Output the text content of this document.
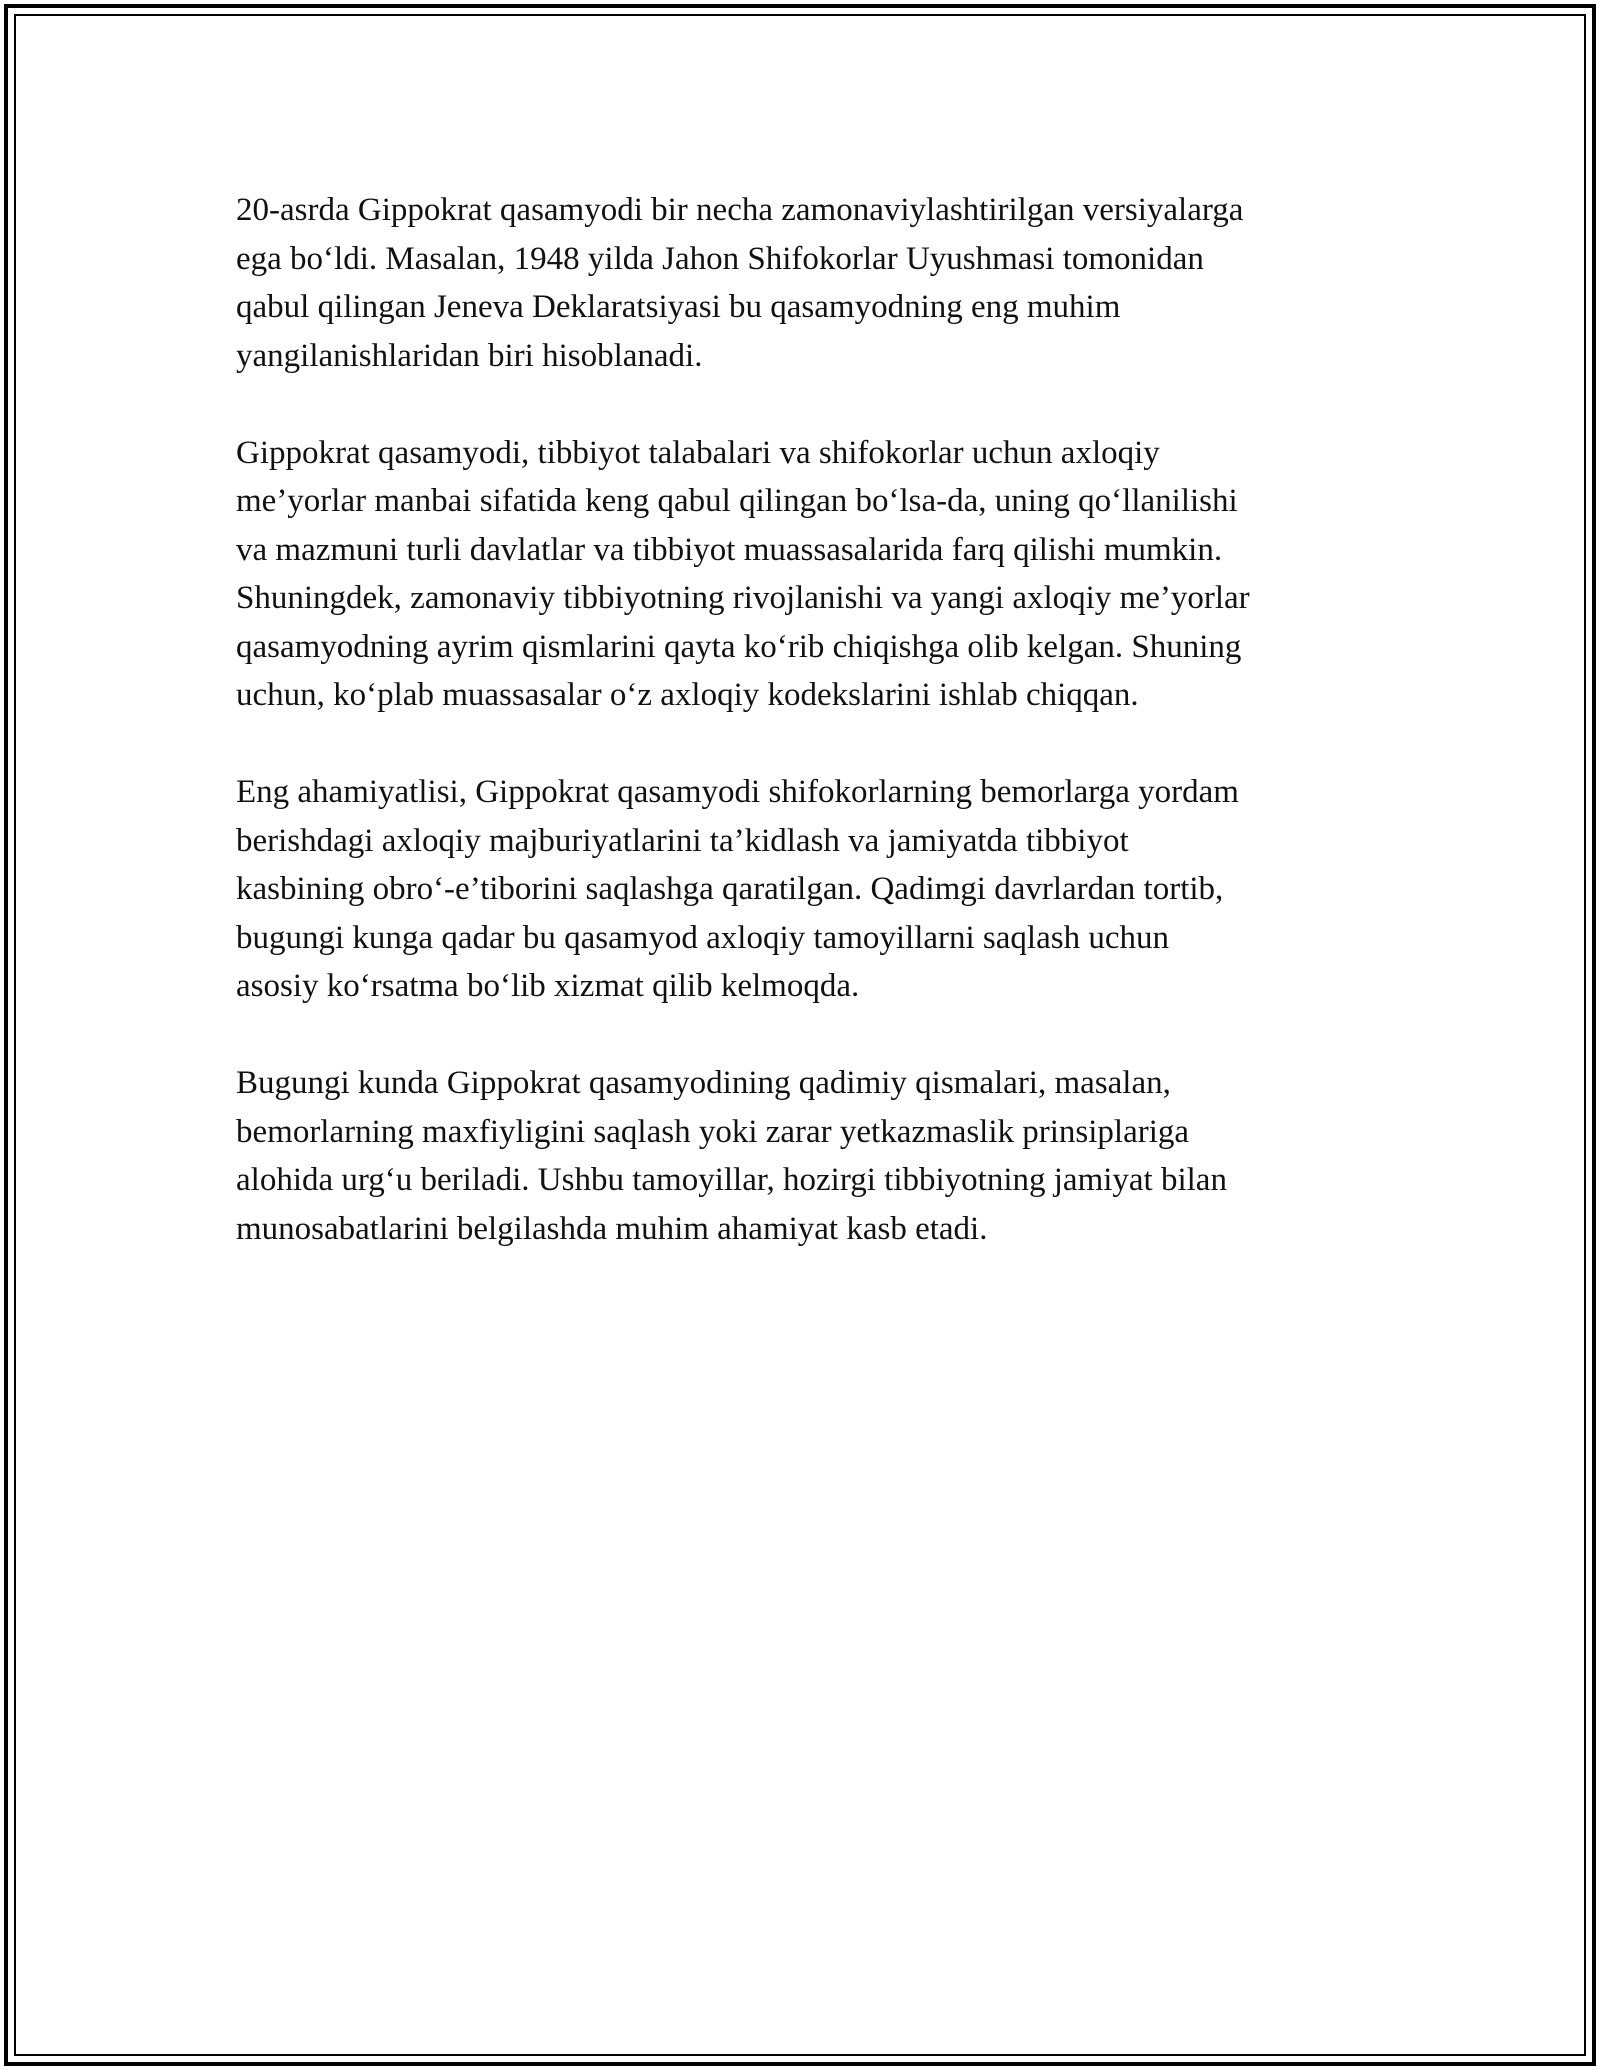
20-asrda Gippokrat qasamyodi bir necha zamonaviylashtirilgan versiyalarga
ega bo‘ldi. Masalan, 1948 yilda Jahon Shifokorlar Uyushmasi tomonidan
qabul qilingan Jeneva Deklaratsiyasi bu qasamyodning eng muhim
yangilanishlaridan biri hisoblanadi.

Gippokrat qasamyodi, tibbiyot talabalari va shifokorlar uchun axloqiy
me’yorlar manbai sifatida keng qabul qilingan bo‘lsa-da, uning qo‘llanilishi
va mazmuni turli davlatlar va tibbiyot muassasalarida farq qilishi mumkin.
Shuningdek, zamonaviy tibbiyotning rivojlanishi va yangi axloqiy me’yorlar
qasamyodning ayrim qismlarini qayta ko‘rib chiqishga olib kelgan. Shuning
uchun, ko‘plab muassasalar o‘z axloqiy kodekslarini ishlab chiqqan.

Eng ahamiyatlisi, Gippokrat qasamyodi shifokorlarning bemorlarga yordam
berishdagi axloqiy majburiyatlarini ta’kidlash va jamiyatda tibbiyot
kasbining obro‘-e’tiborini saqlashga qaratilgan. Qadimgi davrlardan tortib,
bugungi kunga qadar bu qasamyod axloqiy tamoyillarni saqlash uchun
asosiy ko‘rsatma bo‘lib xizmat qilib kelmoqda.

Bugungi kunda Gippokrat qasamyodining qadimiy qismalari, masalan,
bemorlarning maxfiyligini saqlash yoki zarar yetkazmaslik prinsiplariga
alohida urg‘u beriladi. Ushbu tamoyillar, hozirgi tibbiyotning jamiyat bilan
munosabatlarini belgilashda muhim ahamiyat kasb etadi.
